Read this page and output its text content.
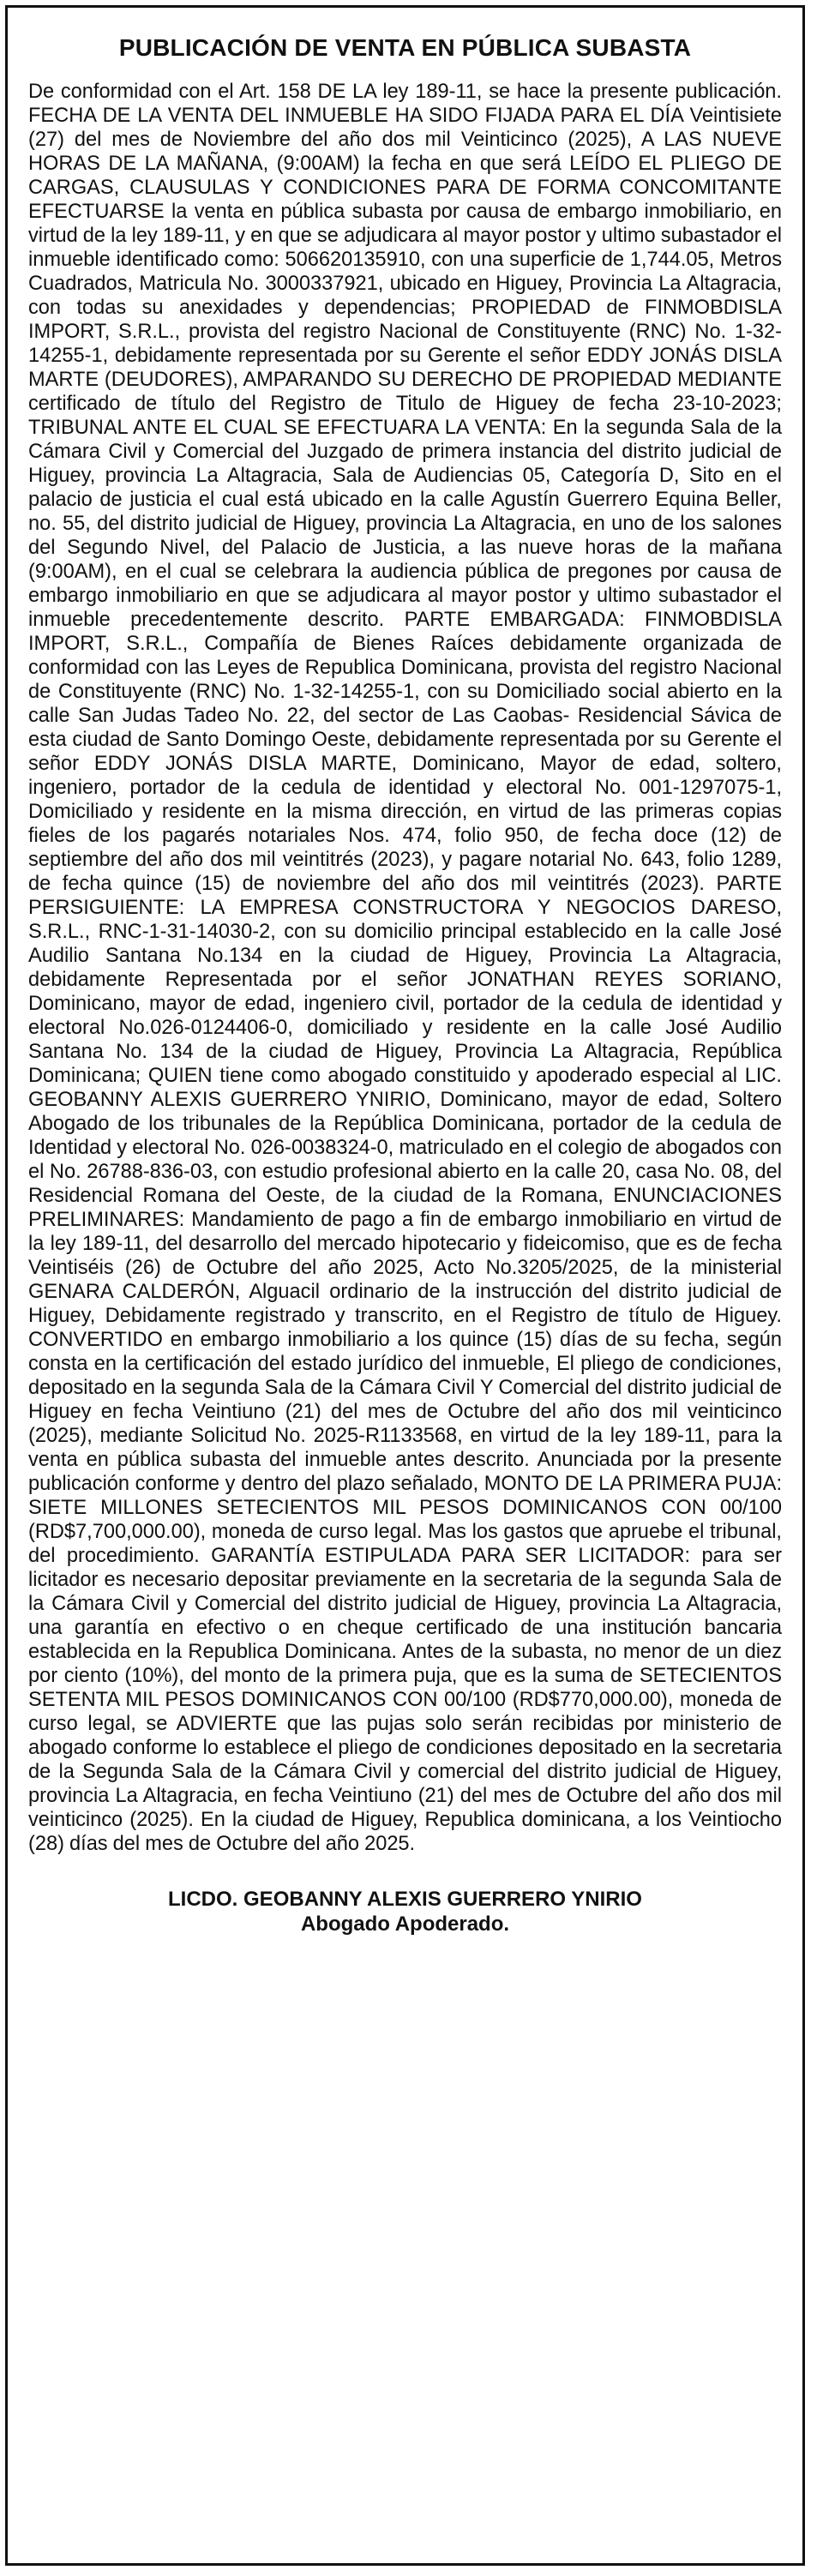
PUBLICACIÓN DE VENTA EN PÚBLICA SUBASTA

De conformidad con el Art. 158 DE LA ley 189-11, se hace la presente publicación. FECHA DE LA VENTA DEL INMUEBLE HA SIDO FIJADA PARA EL DÍA Veintisiete (27) del mes de Noviembre del año dos mil Veinticinco (2025), A LAS NUEVE HORAS DE LA MAÑANA, (9:00AM) la fecha en que será LEÍDO EL PLIEGO DE CARGAS, CLAUSULAS Y CONDICIONES PARA DE FORMA CONCOMITANTE EFECTUARSE la venta en pública subasta por causa de embargo inmobiliario, en virtud de la ley 189-11, y en que se adjudicara al mayor postor y ultimo subastador el inmueble identificado como: 506620135910, con una superficie de 1,744.05, Metros Cuadrados, Matricula No. 3000337921, ubicado en Higuey, Provincia La Altagracia, con todas su anexidades y dependencias; PROPIEDAD de FINMOBDISLA IMPORT, S.R.L., provista del registro Nacional de Constituyente (RNC) No. 1-32-14255-1, debidamente representada por su Gerente el señor EDDY JONÁS DISLA MARTE (DEUDORES), AMPARANDO SU DERECHO DE PROPIEDAD MEDIANTE certificado de título del Registro de Titulo de Higuey de fecha 23-10-2023; TRIBUNAL ANTE EL CUAL SE EFECTUARA LA VENTA: En la segunda Sala de la Cámara Civil y Comercial del Juzgado de primera instancia del distrito judicial de Higuey, provincia La Altagracia, Sala de Audiencias 05, Categoría D, Sito en el palacio de justicia el cual está ubicado en la calle Agustín Guerrero Equina Beller, no. 55, del distrito judicial de Higuey, provincia La Altagracia, en uno de los salones del Segundo Nivel, del Palacio de Justicia, a las nueve horas de la mañana (9:00AM), en el cual se celebrara la audiencia pública de pregones por causa de embargo inmobiliario en que se adjudicara al mayor postor y ultimo subastador el inmueble precedentemente descrito. PARTE EMBARGADA: FINMOBDISLA IMPORT, S.R.L., Compañía de Bienes Raíces debidamente organizada de conformidad con las Leyes de Republica Dominicana, provista del registro Nacional de Constituyente (RNC) No. 1-32-14255-1, con su Domiciliado social abierto en la calle San Judas Tadeo No. 22, del sector de Las Caobas- Residencial Sávica de esta ciudad de Santo Domingo Oeste, debidamente representada por su Gerente el señor EDDY JONÁS DISLA MARTE, Dominicano, Mayor de edad, soltero, ingeniero, portador de la cedula de identidad y electoral No. 001-1297075-1, Domiciliado y residente en la misma dirección, en virtud de las primeras copias fieles de los pagarés notariales Nos. 474, folio 950, de fecha doce (12) de septiembre del año dos mil veintitrés (2023), y pagare notarial No. 643, folio 1289, de fecha quince (15) de noviembre del año dos mil veintitrés (2023). PARTE PERSIGUIENTE: LA EMPRESA CONSTRUCTORA Y NEGOCIOS DARESO, S.R.L., RNC-1-31-14030-2, con su domicilio principal establecido en la calle José Audilio Santana No.134 en la ciudad de Higuey, Provincia La Altagracia, debidamente Representada por el señor JONATHAN REYES SORIANO, Dominicano, mayor de edad, ingeniero civil, portador de la cedula de identidad y electoral No.026-0124406-0, domiciliado y residente en la calle José Audilio Santana No. 134 de la ciudad de Higuey, Provincia La Altagracia, República Dominicana; QUIEN tiene como abogado constituido y apoderado especial al LIC. GEOBANNY ALEXIS GUERRERO YNIRIO, Dominicano, mayor de edad, Soltero Abogado de los tribunales de la República Dominicana, portador de la cedula de Identidad y electoral No. 026-0038324-0, matriculado en el colegio de abogados con el No. 26788-836-03, con estudio profesional abierto en la calle 20, casa No. 08, del Residencial Romana del Oeste, de la ciudad de la Romana, ENUNCIACIONES PRELIMINARES: Mandamiento de pago a fin de embargo inmobiliario en virtud de la ley 189-11, del desarrollo del mercado hipotecario y fideicomiso, que es de fecha Veintiséis (26) de Octubre del año 2025, Acto No.3205/2025, de la ministerial GENARA CALDERÓN, Alguacil ordinario de la instrucción del distrito judicial de Higuey, Debidamente registrado y transcrito, en el Registro de título de Higuey. CONVERTIDO en embargo inmobiliario a los quince (15) días de su fecha, según consta en la certificación del estado jurídico del inmueble, El pliego de condiciones, depositado en la segunda Sala de la Cámara Civil Y Comercial del distrito judicial de Higuey en fecha Veintiuno (21) del mes de Octubre del año dos mil veinticinco (2025), mediante Solicitud No. 2025-R1133568, en virtud de la ley 189-11, para la venta en pública subasta del inmueble antes descrito. Anunciada por la presente publicación conforme y dentro del plazo señalado, MONTO DE LA PRIMERA PUJA: SIETE MILLONES SETECIENTOS MIL PESOS DOMINICANOS CON 00/100 (RD$7,700,000.00), moneda de curso legal. Mas los gastos que apruebe el tribunal, del procedimiento. GARANTÍA ESTIPULADA PARA SER LICITADOR: para ser licitador es necesario depositar previamente en la secretaria de la segunda Sala de la Cámara Civil y Comercial del distrito judicial de Higuey, provincia La Altagracia, una garantía en efectivo o en cheque certificado de una institución bancaria establecida en la Republica Dominicana. Antes de la subasta, no menor de un diez por ciento (10%), del monto de la primera puja, que es la suma de SETECIENTOS SETENTA MIL PESOS DOMINICANOS CON 00/100 (RD$770,000.00), moneda de curso legal, se ADVIERTE que las pujas solo serán recibidas por ministerio de abogado conforme lo establece el pliego de condiciones depositado en la secretaria de la Segunda Sala de la Cámara Civil y comercial del distrito judicial de Higuey, provincia La Altagracia, en fecha Veintiuno (21) del mes de Octubre del año dos mil veinticinco (2025). En la ciudad de Higuey, Republica dominicana, a los Veintiocho (28) días del mes de Octubre del año 2025.

LICDO. GEOBANNY ALEXIS GUERRERO YNIRIO
Abogado Apoderado.
